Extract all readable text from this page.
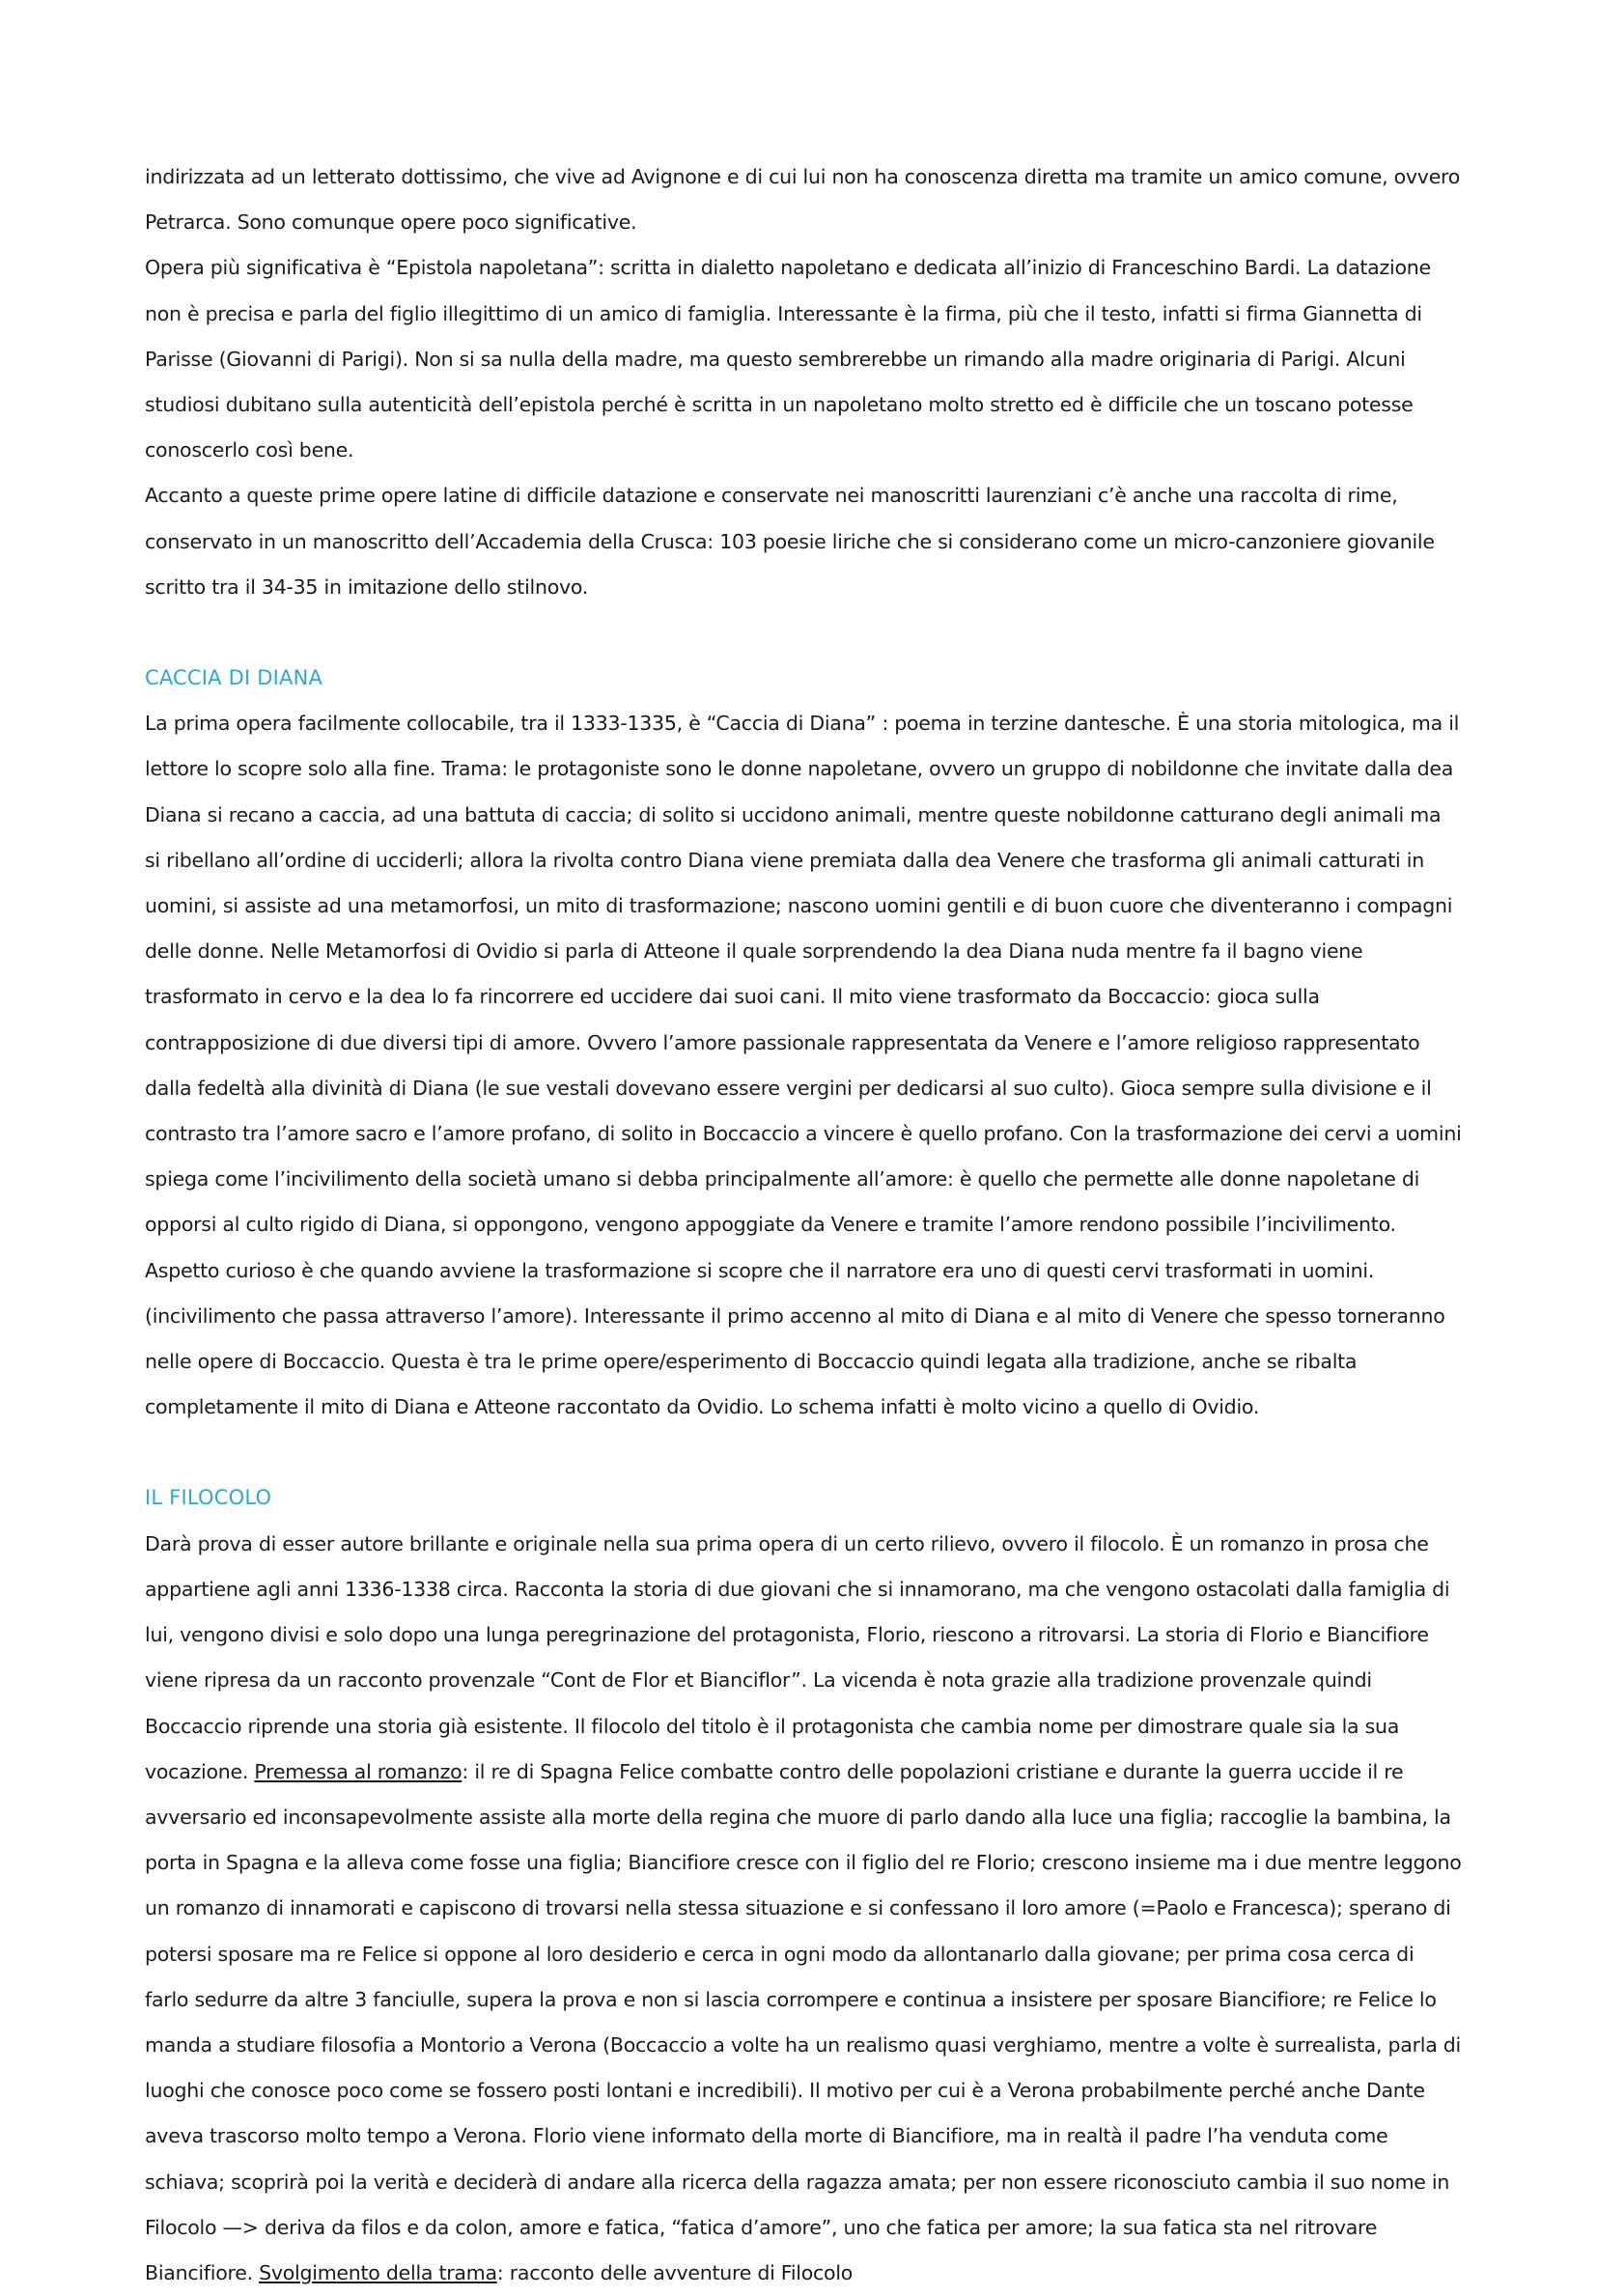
indirizzata ad un letterato dottissimo, che vive ad Avignone e di cui lui non ha conoscenza diretta ma tramite un amico comune, ovvero Petrarca. Sono comunque opere poco significative.

Opera più significativa è “Epistola napoletana”: scritta in dialetto napoletano e dedicata all’inizio di Franceschino Bardi. La datazione non è precisa e parla del figlio illegittimo di un amico di famiglia. Interessante è la firma, più che il testo, infatti si firma Giannetta di Parisse (Giovanni di Parigi). Non si sa nulla della madre, ma questo sembrerebbe un rimando alla madre originaria di Parigi. Alcuni studiosi dubitano sulla autenticità dell’epistola perché è scritta in un napoletano molto stretto ed è difficile che un toscano potesse conoscerlo così bene.

Accanto a queste prime opere latine di difficile datazione e conservate nei manoscritti laurenziani c’è anche una raccolta di rime, conservato in un manoscritto dell’Accademia della Crusca: 103 poesie liriche che si considerano come un micro-canzoniere giovanile scritto tra il 34-35 in imitazione dello stilnovo.

CACCIA DI DIANA

La prima opera facilmente collocabile, tra il 1333-1335, è “Caccia di Diana” : poema in terzine dantesche. È una storia mitologica, ma il lettore lo scopre solo alla fine. Trama: le protagoniste sono le donne napoletane, ovvero un gruppo di nobildonne che invitate dalla dea Diana si recano a caccia, ad una battuta di caccia; di solito si uccidono animali, mentre queste nobildonne catturano degli animali ma si ribellano all’ordine di ucciderli; allora la rivolta contro Diana viene premiata dalla dea Venere che trasforma gli animali catturati in uomini, si assiste ad una metamorfosi, un mito di trasformazione; nascono uomini gentili e di buon cuore che diventeranno i compagni delle donne. Nelle Metamorfosi di Ovidio si parla di Atteone il quale sorprendendo la dea Diana nuda mentre fa il bagno viene trasformato in cervo e la dea lo fa rincorrere ed uccidere dai suoi cani. Il mito viene trasformato da Boccaccio: gioca sulla contrapposizione di due diversi tipi di amore. Ovvero l’amore passionale rappresentata da Venere e l’amore religioso rappresentato dalla fedeltà alla divinità di Diana (le sue vestali dovevano essere vergini per dedicarsi al suo culto). Gioca sempre sulla divisione e il contrasto tra l’amore sacro e l’amore profano, di solito in Boccaccio a vincere è quello profano. Con la trasformazione dei cervi a uomini spiega come l’incivilimento della società umano si debba principalmente all’amore: è quello che permette alle donne napoletane di opporsi al culto rigido di Diana, si oppongono, vengono appoggiate da Venere e tramite l’amore rendono possibile l’incivilimento. Aspetto curioso è che quando avviene la trasformazione si scopre che il narratore era uno di questi cervi trasformati in uomini. (incivilimento che passa attraverso l’amore). Interessante il primo accenno al mito di Diana e al mito di Venere che spesso torneranno nelle opere di Boccaccio. Questa è tra le prime opere/esperimento di Boccaccio quindi legata alla tradizione, anche se ribalta completamente il mito di Diana e Atteone raccontato da Ovidio. Lo schema infatti è molto vicino a quello di Ovidio.

IL FILOCOLO

Darà prova di esser autore brillante e originale nella sua prima opera di un certo rilievo, ovvero il filocolo. È un romanzo in prosa che appartiene agli anni 1336-1338 circa. Racconta la storia di due giovani che si innamorano, ma che vengono ostacolati dalla famiglia di lui, vengono divisi e solo dopo una lunga peregrinazione del protagonista, Florio, riescono a ritrovarsi. La storia di Florio e Biancifiore viene ripresa da un racconto provenzale “Cont de Flor et Bianciflor”. La vicenda è nota grazie alla tradizione provenzale quindi Boccaccio riprende una storia già esistente. Il filocolo del titolo è il protagonista che cambia nome per dimostrare quale sia la sua vocazione. Premessa al romanzo: il re di Spagna Felice combatte contro delle popolazioni cristiane e durante la guerra uccide il re avversario ed inconsapevolmente assiste alla morte della regina che muore di parlo dando alla luce una figlia; raccoglie la bambina, la porta in Spagna e la alleva come fosse una figlia; Biancifiore cresce con il figlio del re Florio; crescono insieme ma i due mentre leggono un romanzo di innamorati e capiscono di trovarsi nella stessa situazione e si confessano il loro amore (=Paolo e Francesca); sperano di potersi sposare ma re Felice si oppone al loro desiderio e cerca in ogni modo da allontanarlo dalla giovane; per prima cosa cerca di farlo sedurre da altre 3 fanciulle, supera la prova e non si lascia corrompere e continua a insistere per sposare Biancifiore; re Felice lo manda a studiare filosofia a Montorio a Verona (Boccaccio a volte ha un realismo quasi verghiamo, mentre a volte è surrealista, parla di luoghi che conosce poco come se fossero posti lontani e incredibili). Il motivo per cui è a Verona probabilmente perché anche Dante aveva trascorso molto tempo a Verona. Florio viene informato della morte di Biancifiore, ma in realtà il padre l’ha venduta come schiava; scoprirà poi la verità e deciderà di andare alla ricerca della ragazza amata; per non essere riconosciuto cambia il suo nome in Filocolo —> deriva da filos e da colon, amore e fatica, “fatica d’amore”, uno che fatica per amore; la sua fatica sta nel ritrovare Biancifiore. Svolgimento della trama: racconto delle avventure di Filocolo
